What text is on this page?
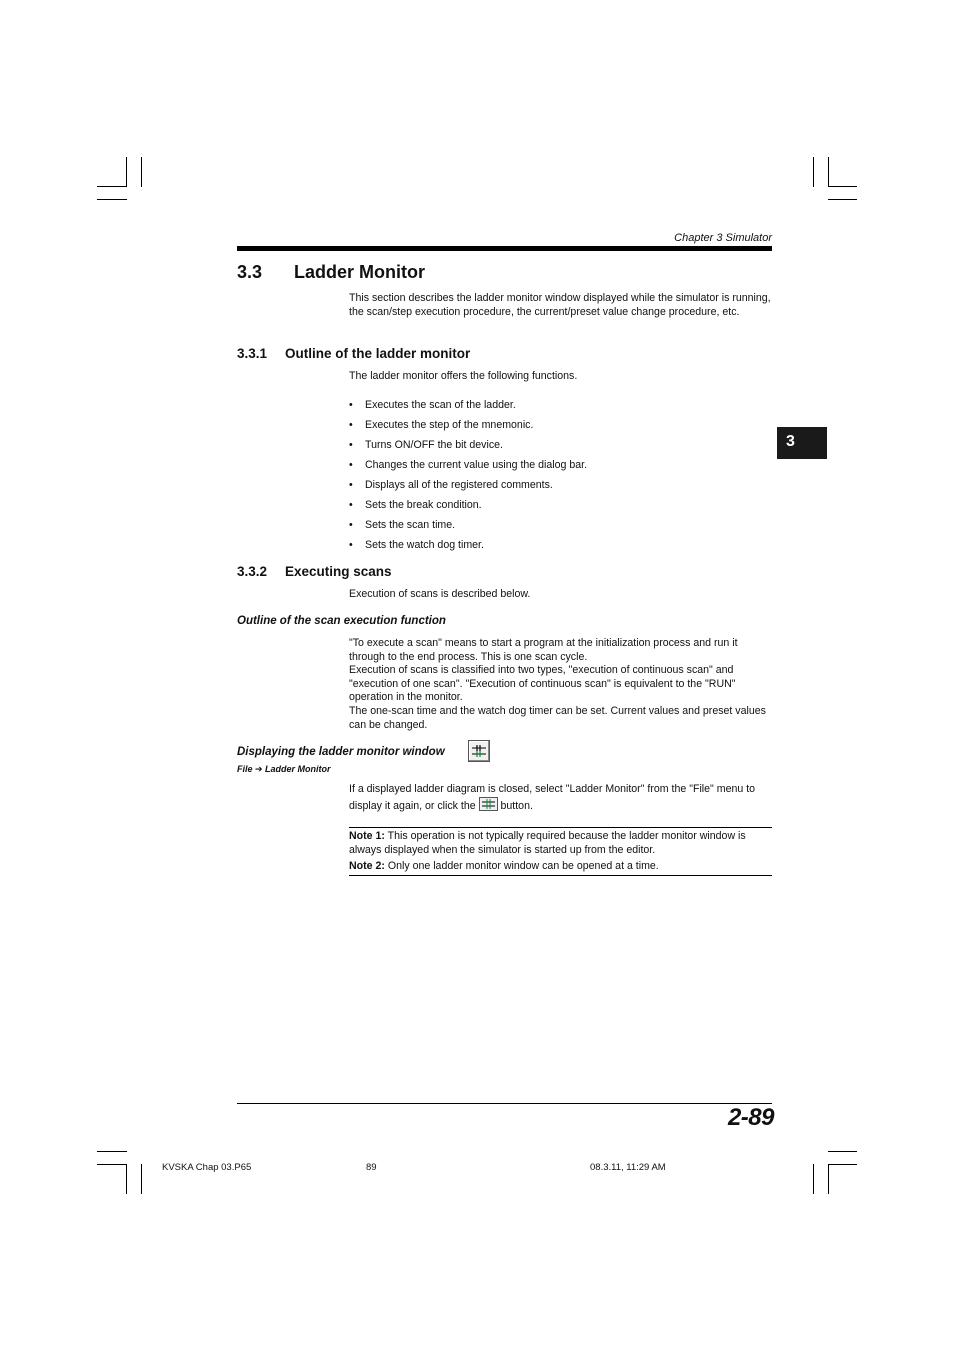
Chapter 3 Simulator
3
3.3 Ladder Monitor
This section describes the ladder monitor window displayed while the simulator is running, the scan/step execution procedure, the current/preset value change procedure, etc.
3.3.1 Outline of the ladder monitor
The ladder monitor offers the following functions.
• Executes the scan of the ladder.
• Executes the step of the mnemonic.
• Turns ON/OFF the bit device.
• Changes the current value using the dialog bar.
• Displays all of the registered comments.
• Sets the break condition.
• Sets the scan time.
• Sets the watch dog timer.
3.3.2 Executing scans
Execution of scans is described below.
Outline of the scan execution function
"To execute a scan" means to start a program at the initialization process and run it through to the end process. This is one scan cycle.
Execution of scans is classified into two types, "execution of continuous scan" and "execution of one scan". "Execution of continuous scan" is equivalent to the "RUN" operation in the monitor.
The one-scan time and the watch dog timer can be set. Current values and preset values can be changed.
Displaying the ladder monitor window
File ➔ Ladder Monitor
If a displayed ladder diagram is closed, select "Ladder Monitor" from the "File" menu to display it again, or click the button.

Note 1: This operation is not typically required because the ladder monitor window is always displayed when the simulator is started up from the editor.

Note 2: Only one ladder monitor window can be opened at a time.

2-89
KVSKA Chap 03.P65	89	08.3.11, 11:29 AM
